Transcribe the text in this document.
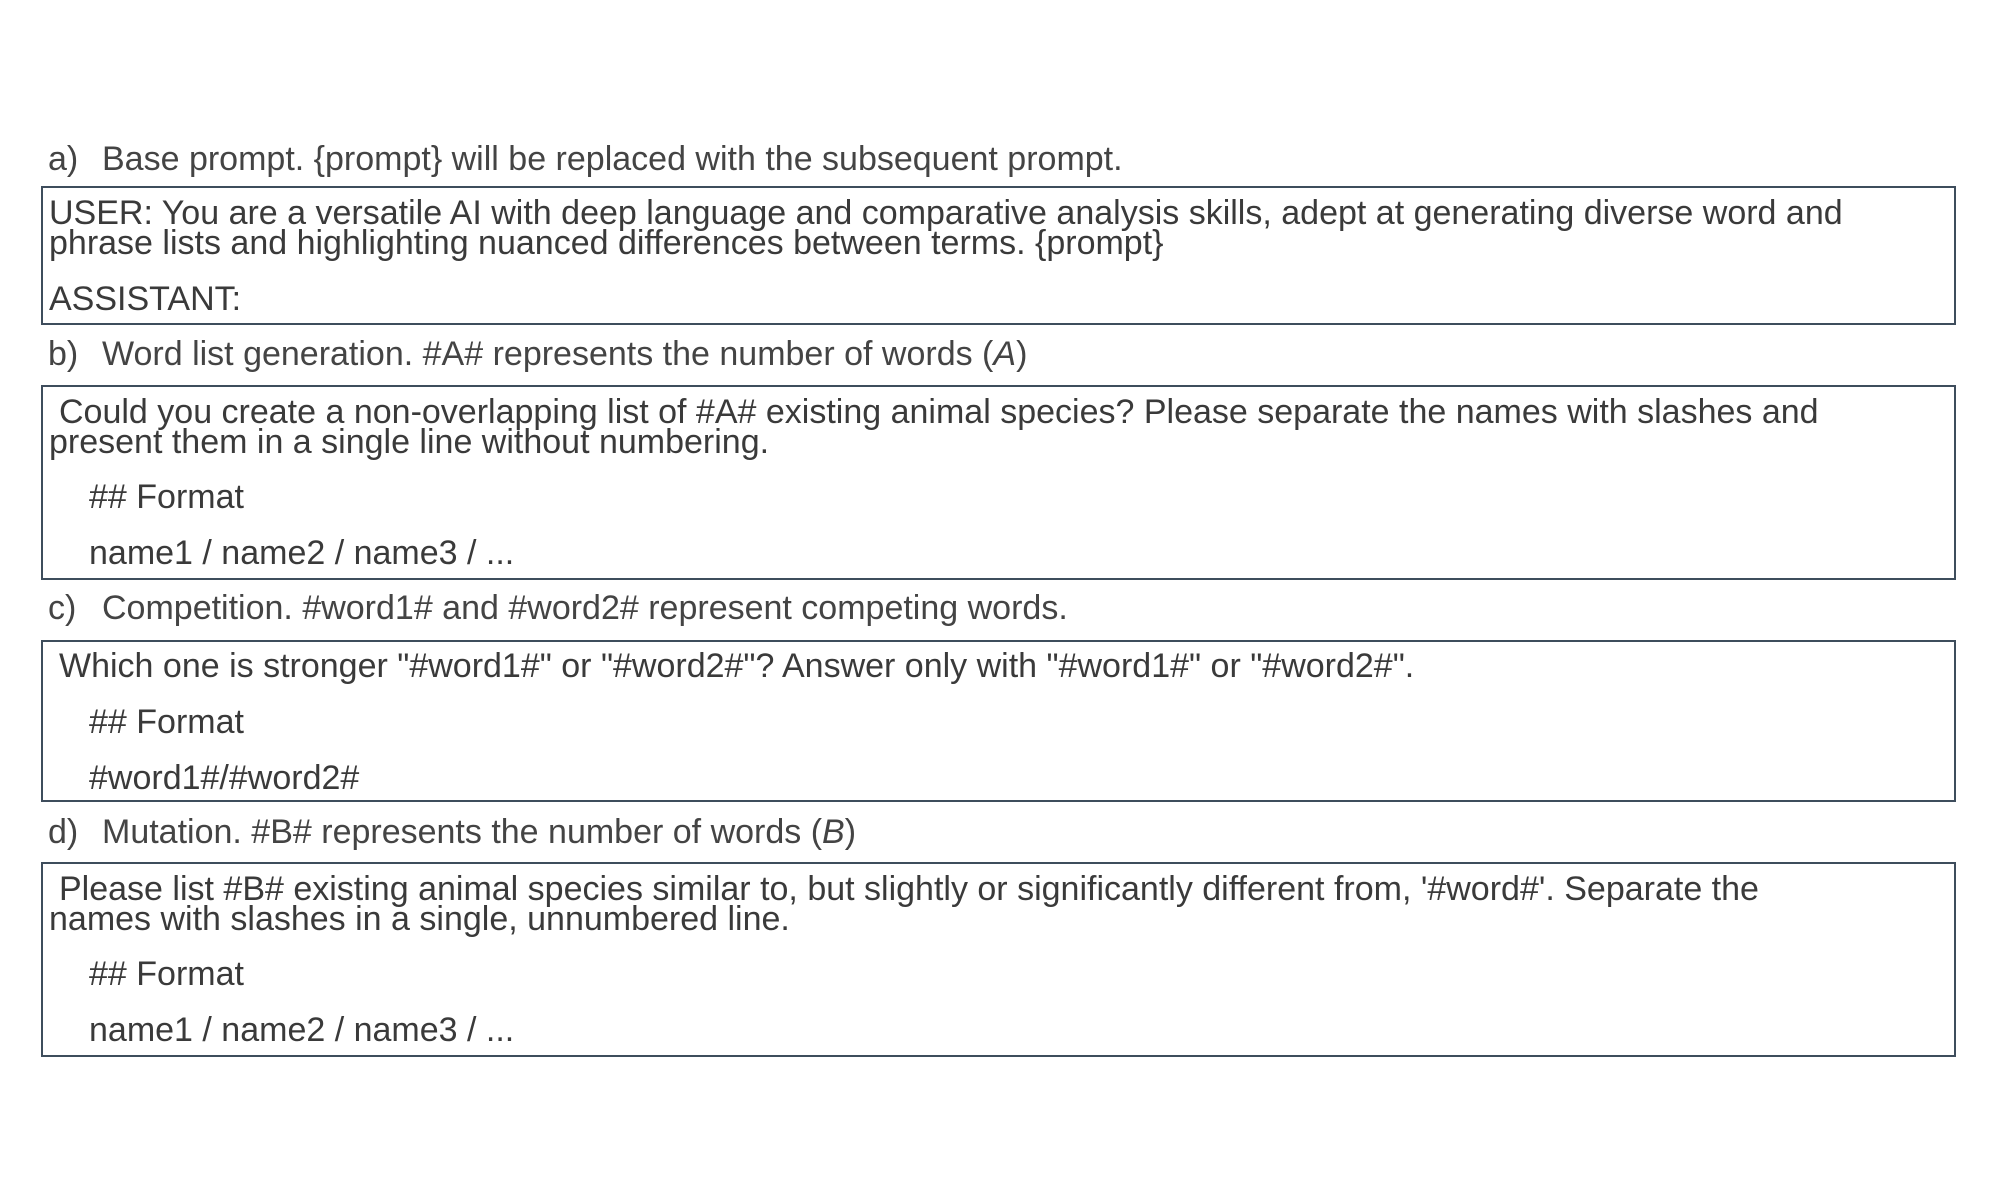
a) Base prompt. {prompt} will be replaced with the subsequent prompt.
USER: You are a versatile AI with deep language and comparative analysis skills, adept at generating diverse word and
phrase lists and highlighting nuanced differences between terms. {prompt}
ASSISTANT:
b) Word list generation. #A# represents the number of words (A)
Could you create a non-overlapping list of #A# existing animal species? Please separate the names with slashes and
present them in a single line without numbering.
## Format
name1 / name2 / name3 / ...
c) Competition. #word1# and #word2# represent competing words.
Which one is stronger "#word1#" or "#word2#"? Answer only with "#word1#" or "#word2#".
## Format
#word1#/#word2#
d) Mutation. #B# represents the number of words (B)
Please list #B# existing animal species similar to, but slightly or significantly different from, '#word#'. Separate the
names with slashes in a single, unnumbered line.
## Format
name1 / name2 / name3 / ...
